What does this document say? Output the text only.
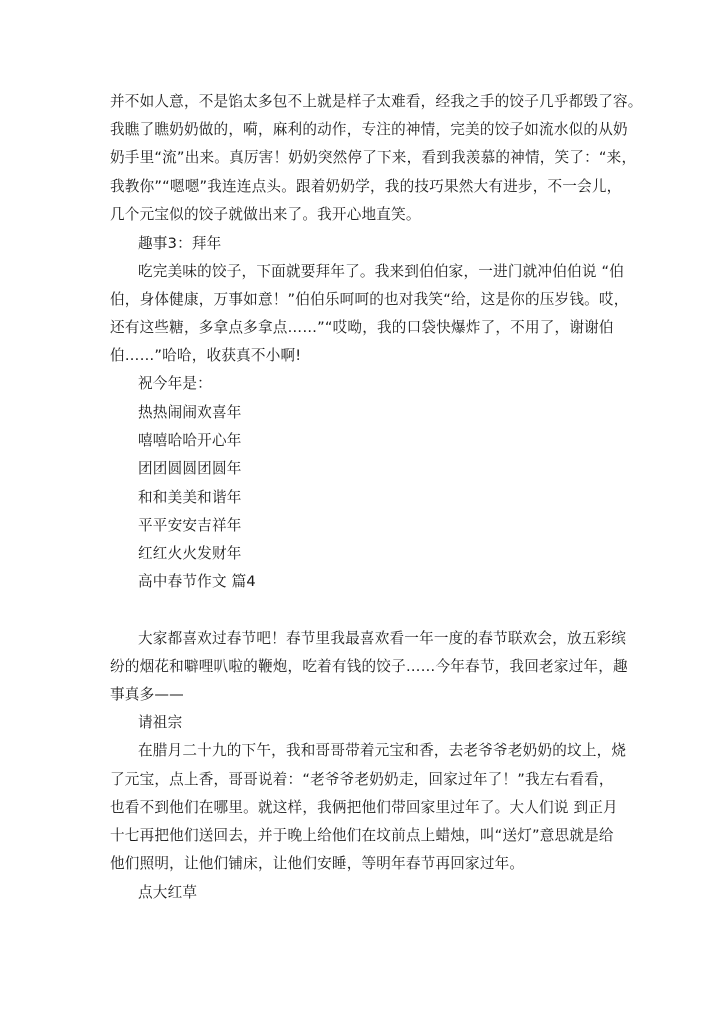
并不如人意，不是馅太多包不上就是样子太难看，经我之手的饺子几乎都毁了容。
我瞧了瞧奶奶做的，嗬，麻利的动作，专注的神情，完美的饺子如流水似的从奶
奶手里“流”出来。真厉害！奶奶突然停了下来，看到我羡慕的神情，笑了：“来，
我教你”“嗯嗯”我连连点头。跟着奶奶学，我的技巧果然大有进步，不一会儿，
几个元宝似的饺子就做出来了。我开心地直笑。
趣事3：拜年
吃完美味的饺子，下面就要拜年了。我来到伯伯家，一进门就冲伯伯说 “伯
伯，身体健康，万事如意！”伯伯乐呵呵的也对我笑“给，这是你的压岁钱。哎，
还有这些糖，多拿点多拿点……”“哎呦，我的口袋快爆炸了，不用了，谢谢伯
伯……”哈哈，收获真不小啊!
祝今年是：
热热闹闹欢喜年
嘻嘻哈哈开心年
团团圆圆团圆年
和和美美和谐年
平平安安吉祥年
红红火火发财年
高中春节作文 篇4
大家都喜欢过春节吧！春节里我最喜欢看一年一度的春节联欢会，放五彩缤
纷的烟花和噼哩叭啦的鞭炮，吃着有钱的饺子……今年春节，我回老家过年，趣
事真多——
请祖宗
在腊月二十九的下午，我和哥哥带着元宝和香，去老爷爷老奶奶的坟上，烧
了元宝，点上香，哥哥说着：“老爷爷老奶奶走，回家过年了！”我左右看看，
也看不到他们在哪里。就这样，我俩把他们带回家里过年了。大人们说 到正月
十七再把他们送回去，并于晚上给他们在坟前点上蜡烛，叫“送灯”意思就是给
他们照明，让他们铺床，让他们安睡，等明年春节再回家过年。
点大红草
